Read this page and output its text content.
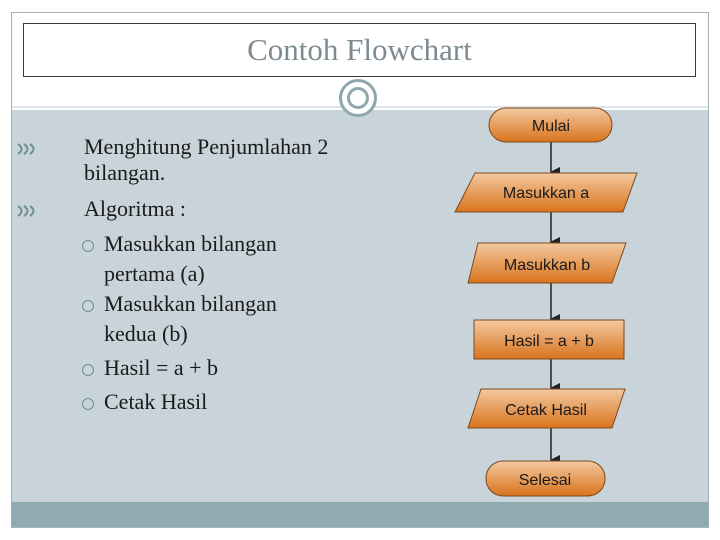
Contoh Flowchart
Menghitung Penjumlahan 2
bilangan.
Algoritma :
Masukkan bilangan
pertama (a)
Masukkan bilangan
kedua (b)
Hasil = a + b
Cetak Hasil
Mulai
Masukkan a
Masukkan b
Hasil = a + b
Cetak Hasil
Selesai
